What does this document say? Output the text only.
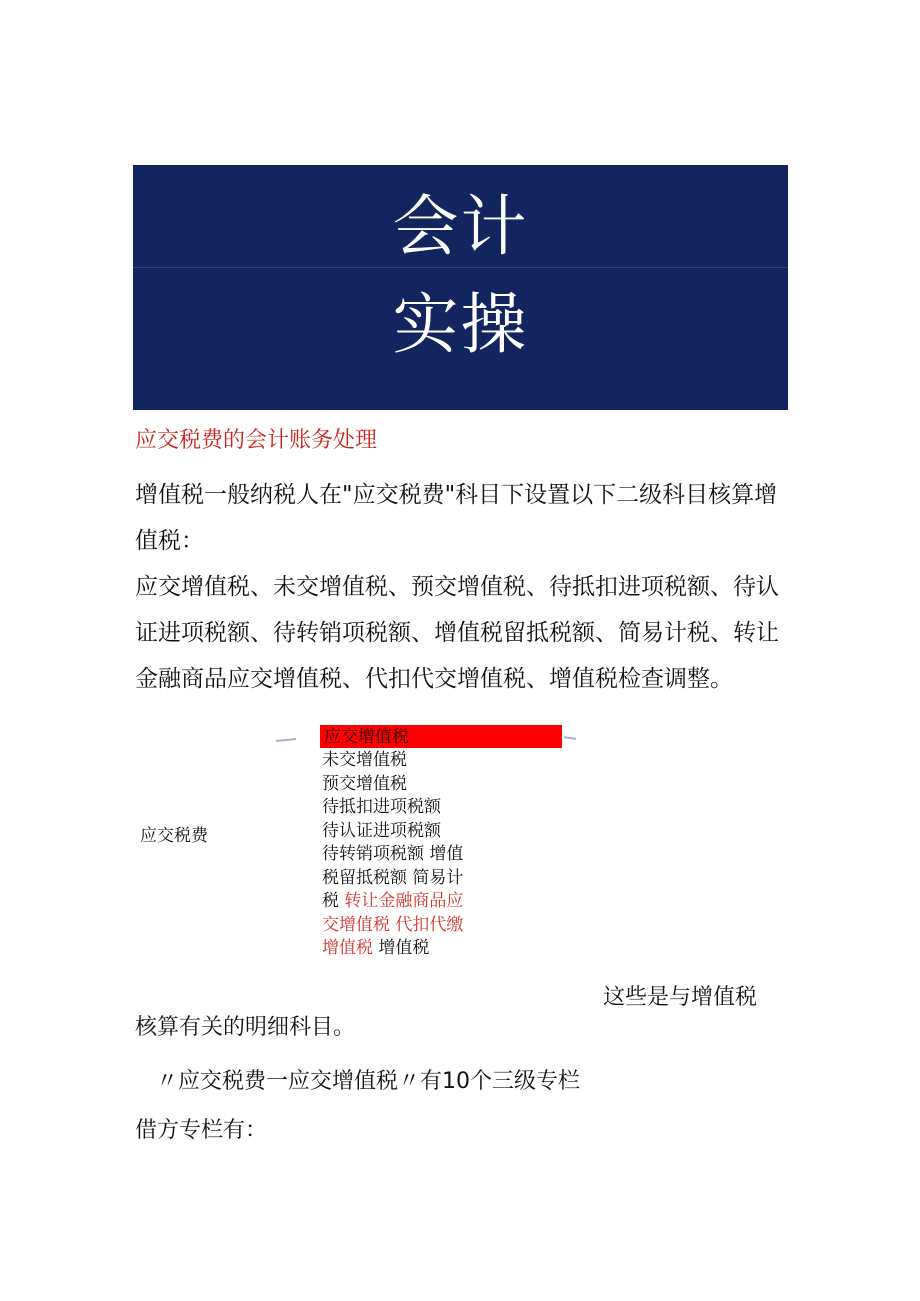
会计
实操
应交税费的会计账务处理
增值税一般纳税人在"应交税费"科目下设置以下二级科目核算增值税：
应交增值税、未交增值税、预交增值税、待抵扣进项税额、待认证进项税额、待转销项税额、增值税留抵税额、简易计税、转让金融商品应交增值税、代扣代交增值税、增值税检查调整。
应交税费
应交增值税
未交增值税
预交增值税
待抵扣进项税额
待认证进项税额
待转销项税额 增值税留抵税额 简易计税 转让金融商品应交增值税 代扣代缴增值税 增值税
这些是与增值税
核算有关的明细科目。
〃应交税费一应交增值税〃有10个三级专栏
借方专栏有：
